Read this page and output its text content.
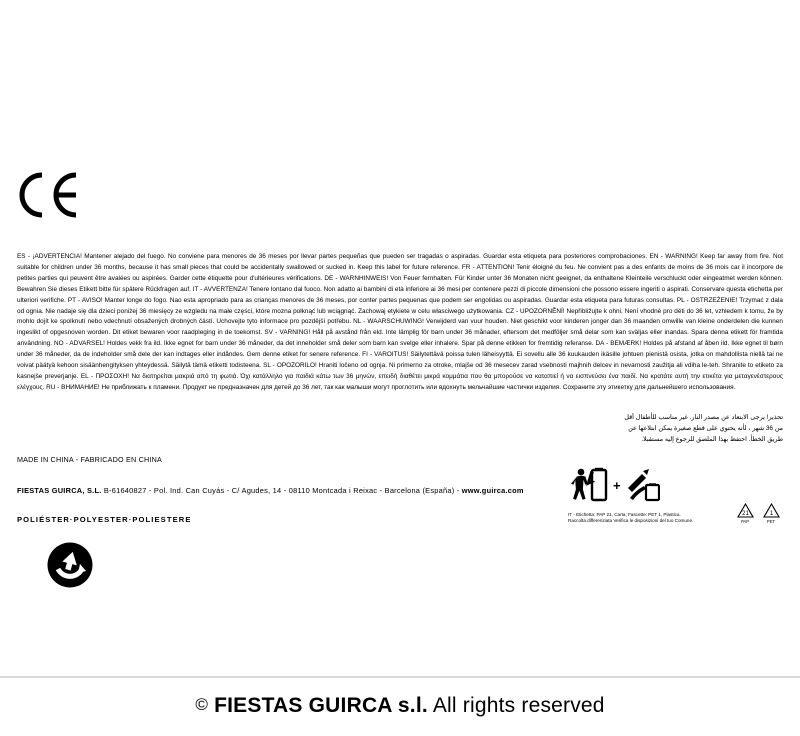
ES - ¡ADVERTENCIA! Mantener alejado del fuego. No conviene para menores de 36 meses por llevar partes pequeñas que pueden ser tragadas o aspiradas. Guardar esta etiqueta para posteriores comprobaciones. EN - WARNING! Keep far away from fire. Not suitable for children under 36 months, because it has small pieces that could be accidentally swallowed or sucked in. Keep this label for future reference. FR - ATTENTION! Tenir éloigné du feu. Ne convient pas a des enfants de moins de 36 mois car il incorpore de petites parties qui peuvent être avalées ou aspirées. Garder cette étiquette pour d'ultérieures vérifications. DE - WARNHINWEIS! Von Feuer fernhalten. Für Kinder unter 36 Monaten nicht geeignet, da enthaltene Kleinteile verschluckt oder eingeatmet werden können. Bewahren Sie dieses Etikett bitte für spätere Rückfragen auf. IT - AVVERTENZA! Tenere lontano dal fuoco. Non adatto ai bambini di età inferiore ai 36 mesi per contenere pezzi di piccole dimensioni che possono essere ingeriti o aspirati. Conservare questa etichetta per ulteriori verifiche. PT - AVISO! Manter longe do fogo. Nao esta apropriado para as crianças menores de 36 meses, por conter partes pequenas que podem ser engolidas ou aspiradas. Guardar esta etiqueta para futuras consultas. PL - OSTRZEŻENIE! Trzymać z dala od ognia. Nie nadaje się dla dzieci poniżej 36 miesięcy ze wzgledu na małe części, które mozna połknąć lub wciągnąć. Zachowaj etykiete w celu własciwego użytkowania. CZ - UPOZORNĚNÍ! Nepřibližujte k ohni. Není vhodné pro děti do 36 let, vzhledem k tomu, že by mohlo dojít ke spolknutí nebo vdechnutí obsažených drobných částí. Uchovejte tyto informace pro pozdější potřebu. NL - WAARSCHUWING! Verwijderd van vuur houden. Niet geschikt voor kinderen jonger dan 36 maanden omwille van kleine onderdelen die kunnen ingeslikt of opgesnoven worden. Dit etiket bewaren voor raadpleging in de toekomst. SV - VARNING! Håll på avstånd från eld. Inte lämplig för barn under 36 månader, eftersom det medföljer små delar som kan sväljas eller inandas. Spara denna etikett för framtida användning. NO - ADVARSEL! Holdes vekk fra ild. Ikke egnet for barn under 36 måneder, da det inneholder små deler som barn kan svelge eller inhalere. Spar på denne etikken for fremtidig referanse. DA - BEMÆRK! Holdes på afstand af åben ild. Ikke egnet til børn under 36 måneder, da de indeholder små dele der kan indtages eller indåndes. Gem denne etiket for senere reference. FI - VAROITUS! Säilytettävä poissa tulen läheisyyttä. Ei sovellu alle 36 kuukauden ikäsille johtuen pienistä osista, jotka on mahdollista niellä tai ne voivat päätyä kehoon sisäänhengityksen yhteydessä. Säilytä tämä etiketti todisteena. SL - OPOZORILO! Hraniti ločeno od ognja. Ni primerno za otroke, mlajše od 36 mesecev zarad vsebnosti majhnih delcev in nevarnosti zaužitja ali vdiha le-teh. Shranite to etiketo za kasnejše preverjanje. EL - ΠΡΟΣΟΧΗ! Να διατηρείται μακριά από τη φωτιά. Όχι κατάλληλο για παιδιά κάτω των 36 μηνών, επειδή διαθέτει μικρά κομμάτια που θα μπορούσε να καταπιεί ή να εισπνεύσει ένα παιδί. Να κρατάτε αυτή την ετικέτα για μεταγενέστερους ελέγχους. RU - ВНИМАНИЕ! Не приближать к пламени. Продукт не предназначен для детей до 36 лет, так как малыши могут проглотить или вдохнуть мельчайшие частички изделия. Сохраните эту этикетку для дальнейшего использования.
تحذير! يرجى الابتعاد عن مصدر النار. غير مناسب للأطفال أقل
من 36 شهر ، لأنه يحتوي على قطع صغيرة يمكن ابتلاعها عن
طريق الخطأ. احتفظ بهذا الملصق للرجوع إليه مستقبلا.
MADE IN CHINA - FABRICADO EN CHINA
FIESTAS GUIRCA, S.L. B-61640827 - Pol. Ind. Can Cuyás - C/ Agudes, 14 - 08110 Montcada i Reixac - Barcelona (España) - www.guirca.com
POLIÉSTER·POLYESTER·POLIESTERE
+
IT - Etichetta: PAP 21, Carta; Fascette: PET 1, Plastica.
Raccolta differenziata Verifica le disposizioni del tuo Comune.
21
PAP
1
PET
© FIESTAS GUIRCA s.l. All rights reserved
